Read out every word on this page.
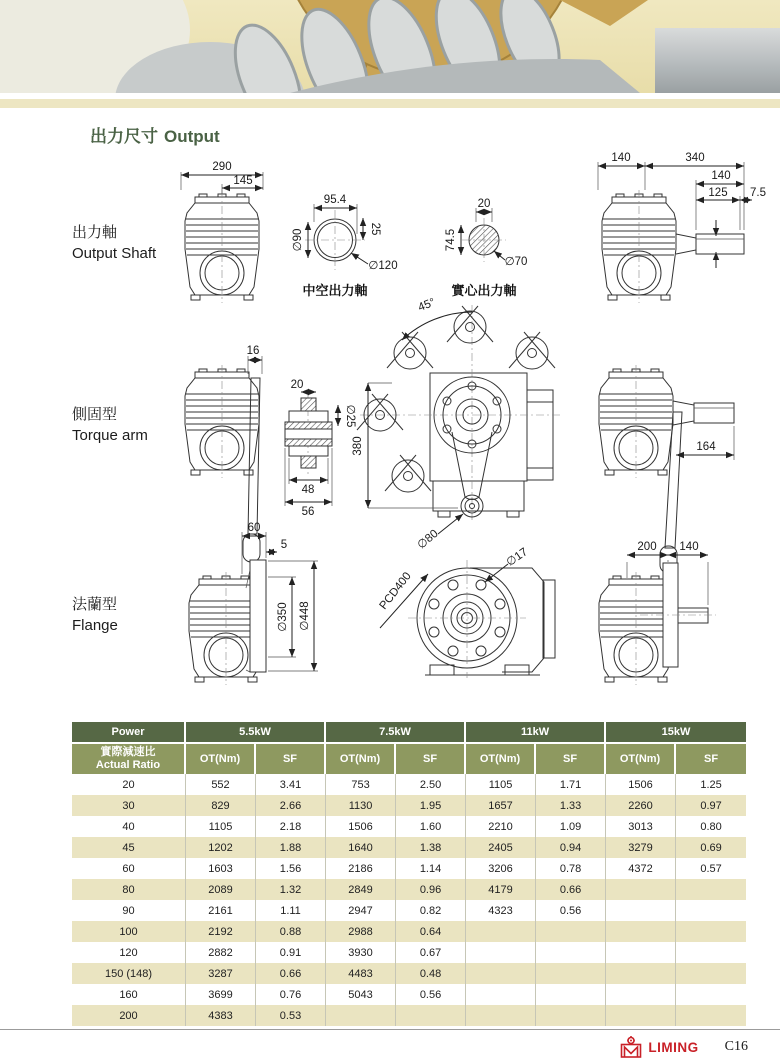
出力尺寸 Output
出力軸
Output Shaft
側固型
Torque arm
法蘭型
Flange
290
145
95.4
25
∅90
∅120
中空出力軸
20
74.5
∅70
實心出力軸
140	340
140
125 7.5
16
20
∅25
48
56
45°
380
∅80
164
60
5
∅350 ∅448
PCD400
∅17	200 140
Power	5.5kW		7.5kW		11kW		15kW	

實際減速比
Actual Ratio	OT(Nm)	SF	OT(Nm)	SF	OT(Nm)	SF	OT(Nm)	SF
20	552	3.41	753	2.50	1105	1.71	1506	1.25
30	829	2.66	1130	1.95	1657	1.33	2260	0.97
40	1105	2.18	1506	1.60	2210	1.09	3013	0.80
45	1202	1.88	1640	1.38	2405	0.94	3279	0.69
60	1603	1.56	2186	1.14	3206	0.78	4372	0.57
80	2089	1.32	2849	0.96	4179	0.66		
90	2161	1.11	2947	0.82	4323	0.56		
100	2192	0.88	2988	0.64				
120	2882	0.91	3930	0.67				
150 (148)	3287	0.66	4483	0.48				
160	3699	0.76	5043	0.56				
200	4383	0.53						
LIMING C16
